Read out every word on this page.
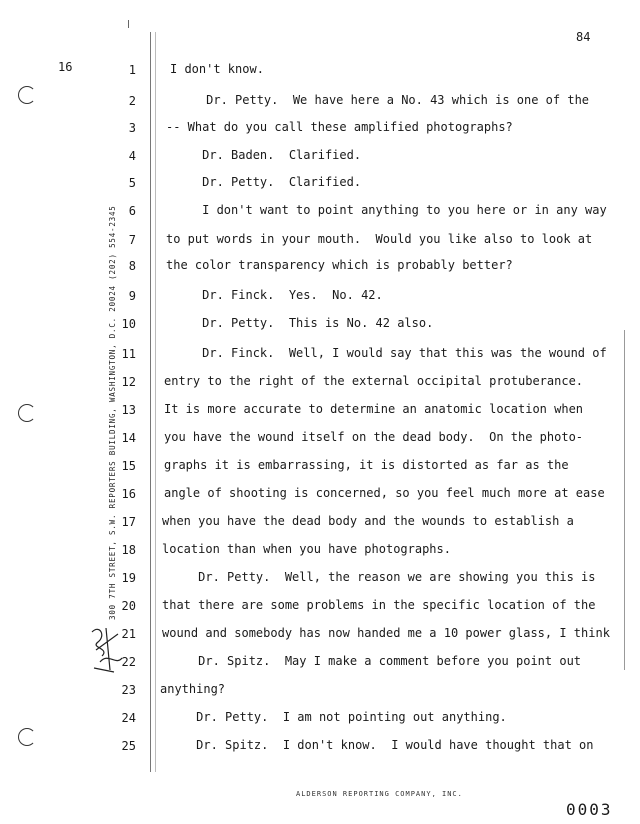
84
16
300 7TH STREET, S.W. REPORTERS BUILDING, WASHINGTON, D.C. 20024 (202) 554-2345
1	I don't know.
2	Dr. Petty.  We have here a No. 43 which is one of the
3	-- What do you call these amplified photographs?
4	Dr. Baden.  Clarified.
5	Dr. Petty.  Clarified.
6	I don't want to point anything to you here or in any way
7	to put words in your mouth.  Would you like also to look at
8	the color transparency which is probably better?
9	Dr. Finck.  Yes.  No. 42.
10	Dr. Petty.  This is No. 42 also.
11	Dr. Finck.  Well, I would say that this was the wound of
12 entry to the right of the external occipital protuberance.
13 It is more accurate to determine an anatomic location when
14 you have the wound itself on the dead body.  On the photo-
15 graphs it is embarrassing, it is distorted as far as the
16 angle of shooting is concerned, so you feel much more at ease
17 when you have the dead body and the wounds to establish a
18 location than when you have photographs.
19 Dr. Petty.  Well, the reason we are showing you this is
20 that there are some problems in the specific location of the
21 wound and somebody has now handed me a 10 power glass, I think
22 Dr. Spitz.  May I make a comment before you point out
23 anything?
24 Dr. Petty.  I am not pointing out anything.
25 Dr. Spitz.  I don't know.  I would have thought that on
ALDERSON REPORTING COMPANY, INC.
0003
